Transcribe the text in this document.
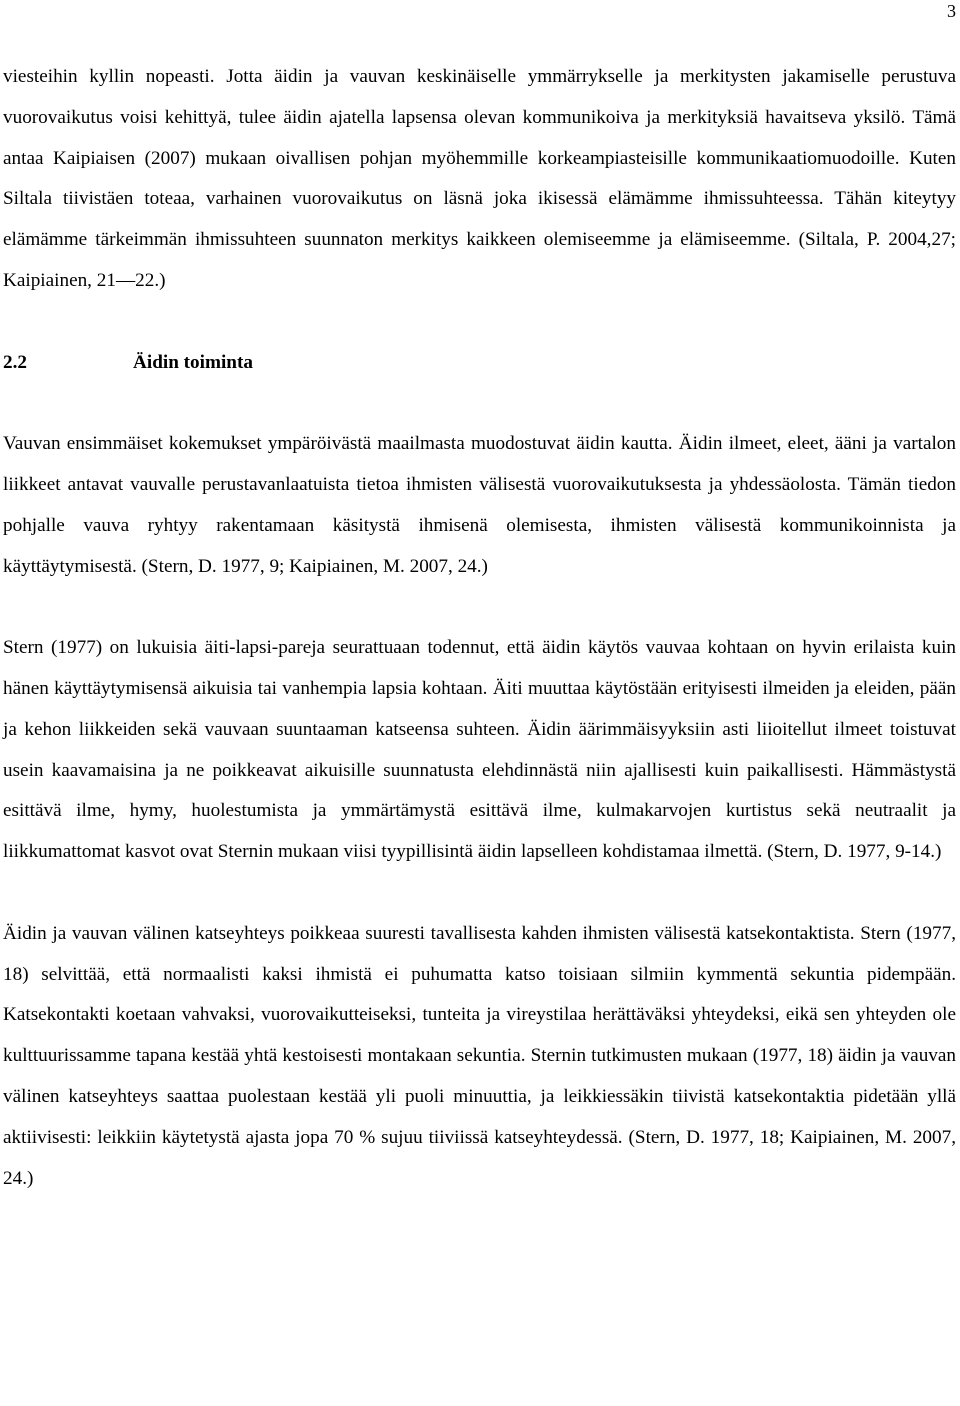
3

viesteihin kyllin nopeasti. Jotta äidin ja vauvan keskinäiselle ymmärrykselle ja merkitysten jakamiselle perustuva vuorovaikutus voisi kehittyä, tulee äidin ajatella lapsensa olevan kommunikoiva ja merkityksiä havaitseva yksilö. Tämä antaa Kaipiaisen (2007) mukaan oivallisen pohjan myöhemmille korkeampiasteisille kommunikaatiomuodoille. Kuten Siltala tiivistäen toteaa, varhainen vuorovaikutus on läsnä joka ikisessä elämämme ihmissuhteessa. Tähän kiteytyy elämämme tärkeimmän ihmissuhteen suunnaton merkitys kaikkeen olemiseemme ja elämiseemme. (Siltala, P. 2004,27; Kaipiainen, 21—22.)

2.2	Äidin toiminta

Vauvan ensimmäiset kokemukset ympäröivästä maailmasta muodostuvat äidin kautta. Äidin ilmeet, eleet, ääni ja vartalon liikkeet antavat vauvalle perustavanlaatuista tietoa ihmisten välisestä vuorovaikutuksesta ja yhdessäolosta. Tämän tiedon pohjalle vauva ryhtyy rakentamaan käsitystä ihmisenä olemisesta, ihmisten välisestä kommunikoinnista ja käyttäytymisestä. (Stern, D. 1977, 9; Kaipiainen, M. 2007, 24.)

Stern (1977) on lukuisia äiti-lapsi-pareja seurattuaan todennut, että äidin käytös vauvaa kohtaan on hyvin erilaista kuin hänen käyttäytymisensä aikuisia tai vanhempia lapsia kohtaan. Äiti muuttaa käytöstään erityisesti ilmeiden ja eleiden, pään ja kehon liikkeiden sekä vauvaan suuntaaman katseensa suhteen. Äidin äärimmäisyyksiin asti liioitellut ilmeet toistuvat usein kaavamaisina ja ne poikkeavat aikuisille suunnatusta elehdinnästä niin ajallisesti kuin paikallisesti. Hämmästystä esittävä ilme, hymy, huolestumista ja ymmärtämystä esittävä ilme, kulmakarvojen kurtistus sekä neutraalit ja liikkumattomat kasvot ovat Sternin mukaan viisi tyypillisintä äidin lapselleen kohdistamaa ilmettä. (Stern, D. 1977, 9-14.)

Äidin ja vauvan välinen katseyhteys poikkeaa suuresti tavallisesta kahden ihmisten välisestä katsekontaktista. Stern (1977, 18) selvittää, että normaalisti kaksi ihmistä ei puhumatta katso toisiaan silmiin kymmentä sekuntia pidempään. Katsekontakti koetaan vahvaksi, vuorovaikutteiseksi, tunteita ja vireystilaa herättäväksi yhteydeksi, eikä sen yhteyden ole kulttuurissamme tapana kestää yhtä kestoisesti montakaan sekuntia. Sternin tutkimusten mukaan (1977, 18) äidin ja vauvan välinen katseyhteys saattaa puolestaan kestää yli puoli minuuttia, ja leikkiessäkin tiivistä katsekontaktia pidetään yllä aktiivisesti: leikkiin käytetystä ajasta jopa 70 % sujuu tiiviissä katseyhteydessä. (Stern, D. 1977, 18; Kaipiainen, M. 2007, 24.)
